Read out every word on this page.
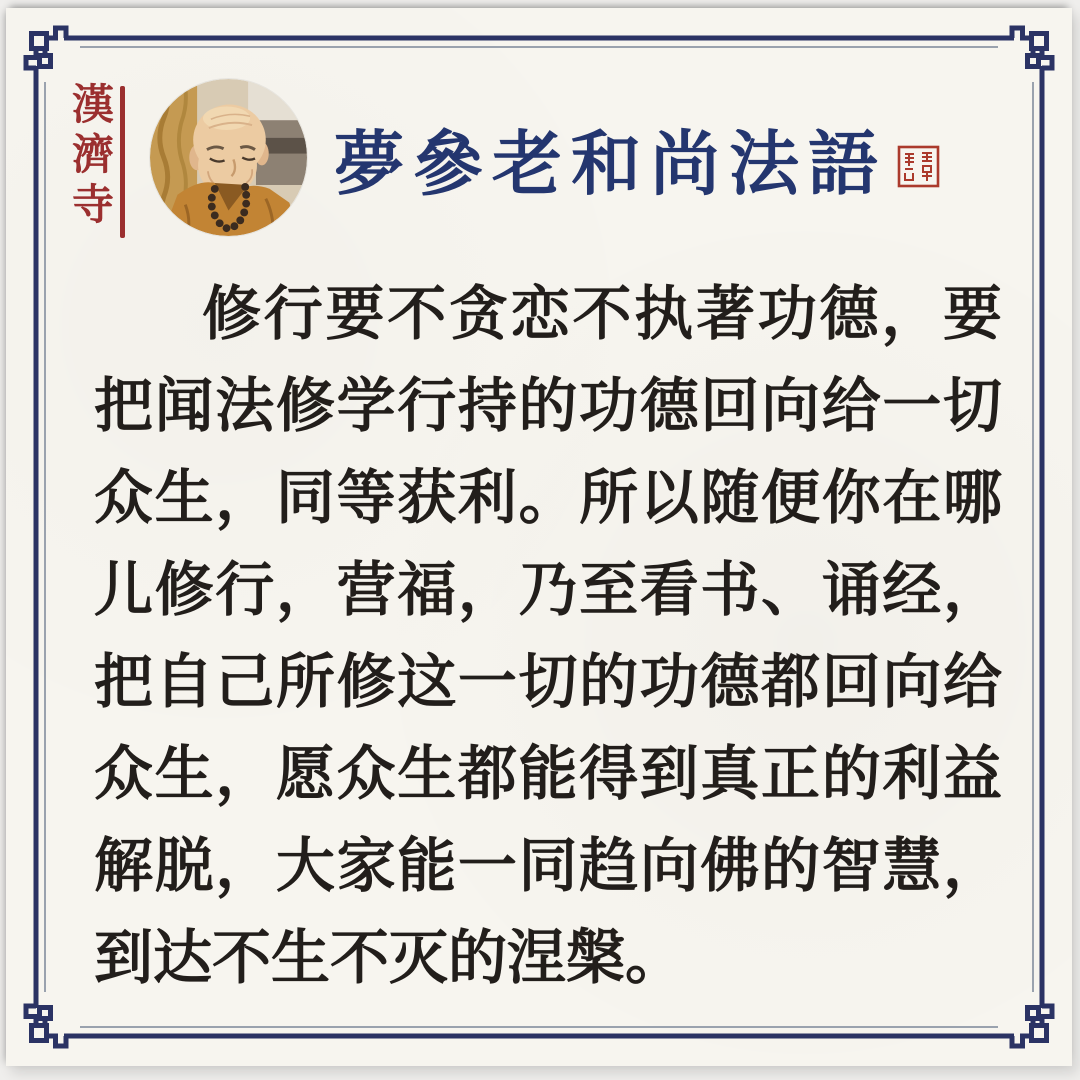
漢濟寺	夢參老和尚法語
修行要不贪恋不执著功德，要
把闻法修学行持的功德回向给一切
众生，同等获利。所以随便你在哪
儿修行，营福，乃至看书、诵经，
把自己所修这一切的功德都回向给
众生，愿众生都能得到真正的利益
解脱，大家能一同趋向佛的智慧，
到达不生不灭的涅槃。
